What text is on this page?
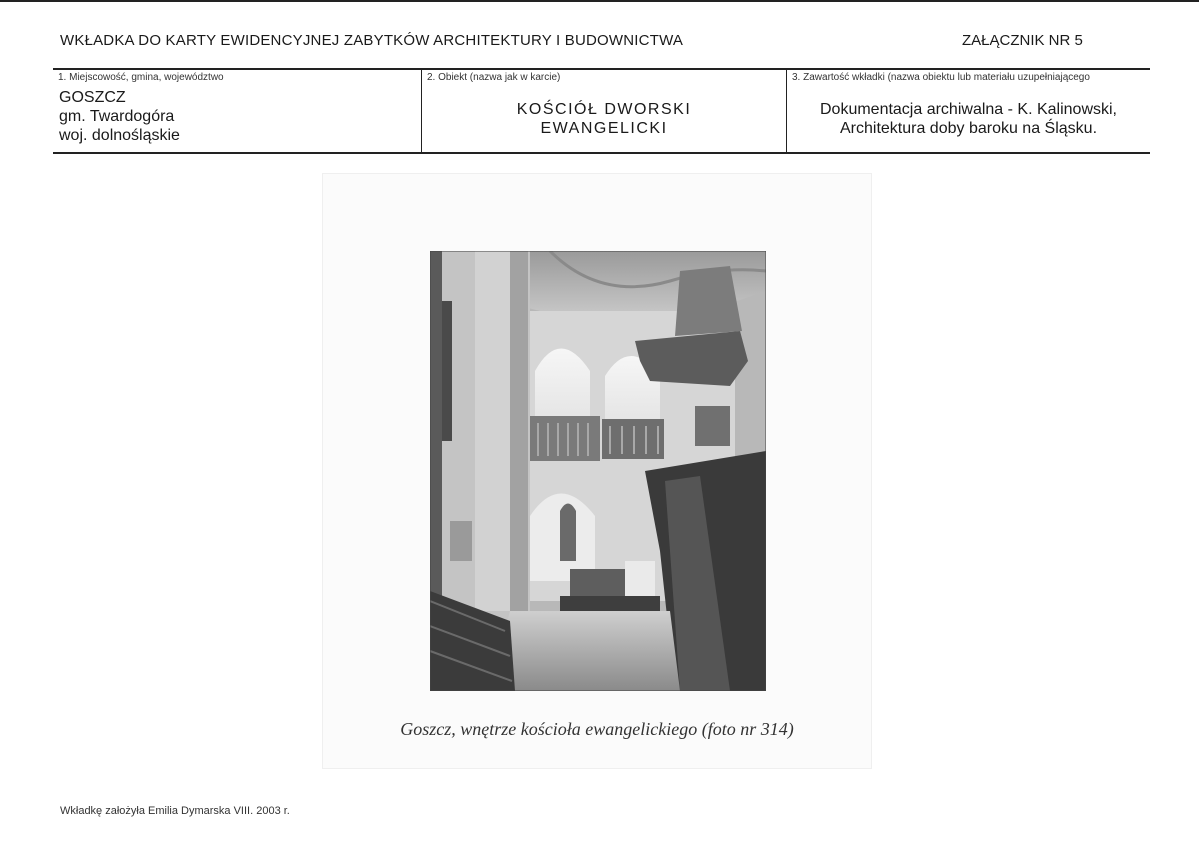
WKŁADKA DO KARTY EWIDENCYJNEJ ZABYTKÓW ARCHITEKTURY I BUDOWNICTWA	ZAŁĄCZNIK NR 5
1. Miejscowość, gmina, województwo
GOSZCZ
gm. Twardogóra
woj. dolnośląskie
2. Obiekt (nazwa jak w karcie)
KOŚCIÓŁ DWORSKI
EWANGELICKI
3. Zawartość wkładki (nazwa obiektu lub materiału uzupełniającego
Dokumentacja archiwalna - K. Kalinowski,
Architektura doby baroku na Śląsku.
Goszcz, wnętrze kościoła ewangelickiego (foto nr 314)
Wkładkę założyła Emilia Dymarska VIII. 2003 r.
